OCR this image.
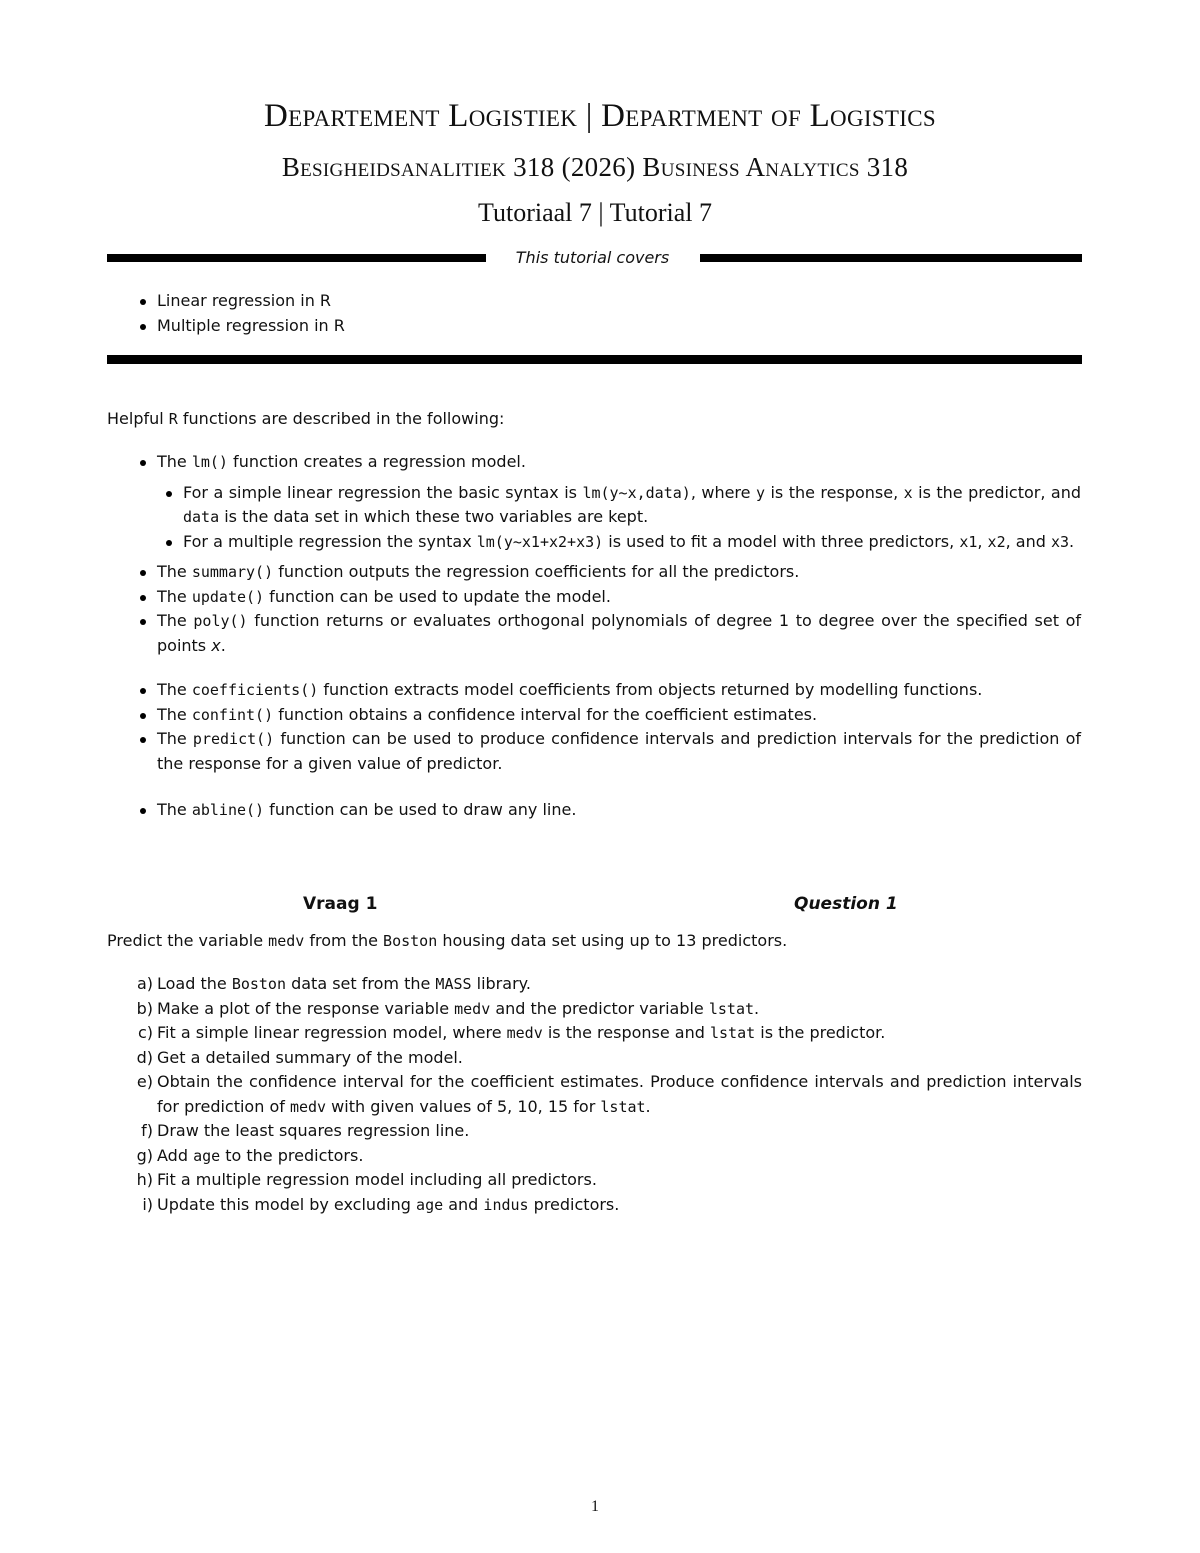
Departement Logistiek | Department of Logistics
Besigheidsanalitiek 318 (2026) Business Analytics 318
Tutoriaal 7 | Tutorial 7
This tutorial covers
Linear regression in R
Multiple regression in R
Helpful R functions are described in the following:
The lm() function creates a regression model.
For a simple linear regression the basic syntax is lm(y~x,data), where y is the response, x is the predictor, and data is the data set in which these two variables are kept.
For a multiple regression the syntax lm(y~x1+x2+x3) is used to fit a model with three predictors, x1, x2, and x3.
The summary() function outputs the regression coefficients for all the predictors.
The update() function can be used to update the model.
The poly() function returns or evaluates orthogonal polynomials of degree 1 to degree over the specified set of points x.
The coefficients() function extracts model coefficients from objects returned by modelling functions.
The confint() function obtains a confidence interval for the coefficient estimates.
The predict() function can be used to produce confidence intervals and prediction intervals for the prediction of the response for a given value of predictor.
The abline() function can be used to draw any line.
Vraag 1	Question 1
Predict the variable medv from the Boston housing data set using up to 13 predictors.
a) Load the Boston data set from the MASS library.
b) Make a plot of the response variable medv and the predictor variable lstat.
c) Fit a simple linear regression model, where medv is the response and lstat is the predictor.
d) Get a detailed summary of the model.
e) Obtain the confidence interval for the coefficient estimates. Produce confidence intervals and prediction intervals for prediction of medv with given values of 5, 10, 15 for lstat.
f) Draw the least squares regression line.
g) Add age to the predictors.
h) Fit a multiple regression model including all predictors.
i) Update this model by excluding age and indus predictors.
1
